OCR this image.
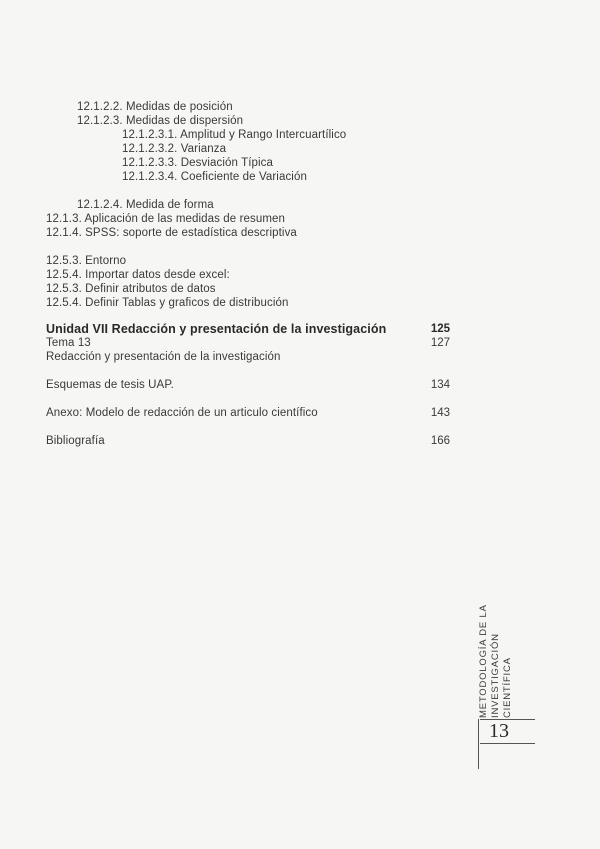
12.1.2.2. Medidas de posición
12.1.2.3. Medidas de dispersión
12.1.2.3.1. Amplitud y Rango Intercuartílico
12.1.2.3.2. Varianza
12.1.2.3.3. Desviación Típica
12.1.2.3.4. Coeficiente de Variación
12.1.2.4. Medida de forma
12.1.3. Aplicación de las medidas de resumen
12.1.4. SPSS: soporte de estadística descriptiva
12.5.3. Entorno
12.5.4. Importar datos desde excel:
12.5.3. Definir atributos de datos
12.5.4. Definir Tablas y graficos de distribución
Unidad VII Redacción y presentación de la investigación	125
Tema 13	127
Redacción y presentación de la investigación
Esquemas de tesis UAP.	134
Anexo: Modelo de redacción de un articulo científico	143
Bibliografía	166
METODOLOGÍA DE LA INVESTIGACIÓN CIENTÍFICA
13
